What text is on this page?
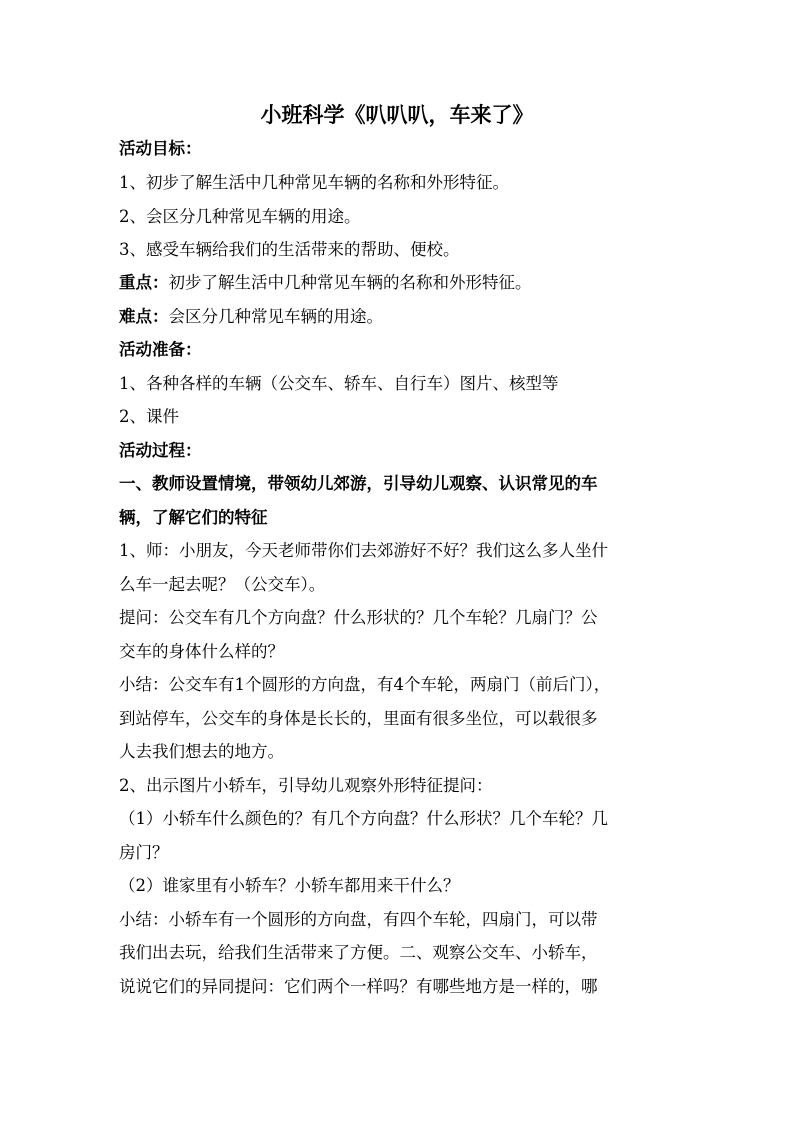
小班科学《叭叭叭，车来了》
活动目标：
1、初步了解生活中几种常见车辆的名称和外形特征。
2、会区分几种常见车辆的用途。
3、感受车辆给我们的生活带来的帮助、便校。
重点：初步了解生活中几种常见车辆的名称和外形特征。
难点：会区分几种常见车辆的用途。
活动准备：
1、各种各样的车辆（公交车、轿车、自行车）图片、核型等
2、课件
活动过程：
一、教师设置情境，带领幼儿郊游，引导幼儿观察、认识常见的车
辆，了解它们的特征
1、师：小朋友，今天老师带你们去郊游好不好？我们这么多人坐什
么车一起去呢？（公交车）。
提问：公交车有几个方向盘？什么形状的？几个车轮？几扇门？公
交车的身体什么样的？
小结：公交车有1个圆形的方向盘，有4个车轮，两扇门（前后门），
到站停车，公交车的身体是长长的，里面有很多坐位，可以载很多
人去我们想去的地方。
2、出示图片小轿车，引导幼儿观察外形特征提问：
（1）小轿车什么颜色的？有几个方向盘？什么形状？几个车轮？几
房门？
（2）谁家里有小轿车？小轿车都用来干什么？
小结：小轿车有一个圆形的方向盘，有四个车轮，四扇门，可以带
我们出去玩，给我们生活带来了方便。二、观察公交车、小轿车，
说说它们的异同提问：它们两个一样吗？有哪些地方是一样的，哪
